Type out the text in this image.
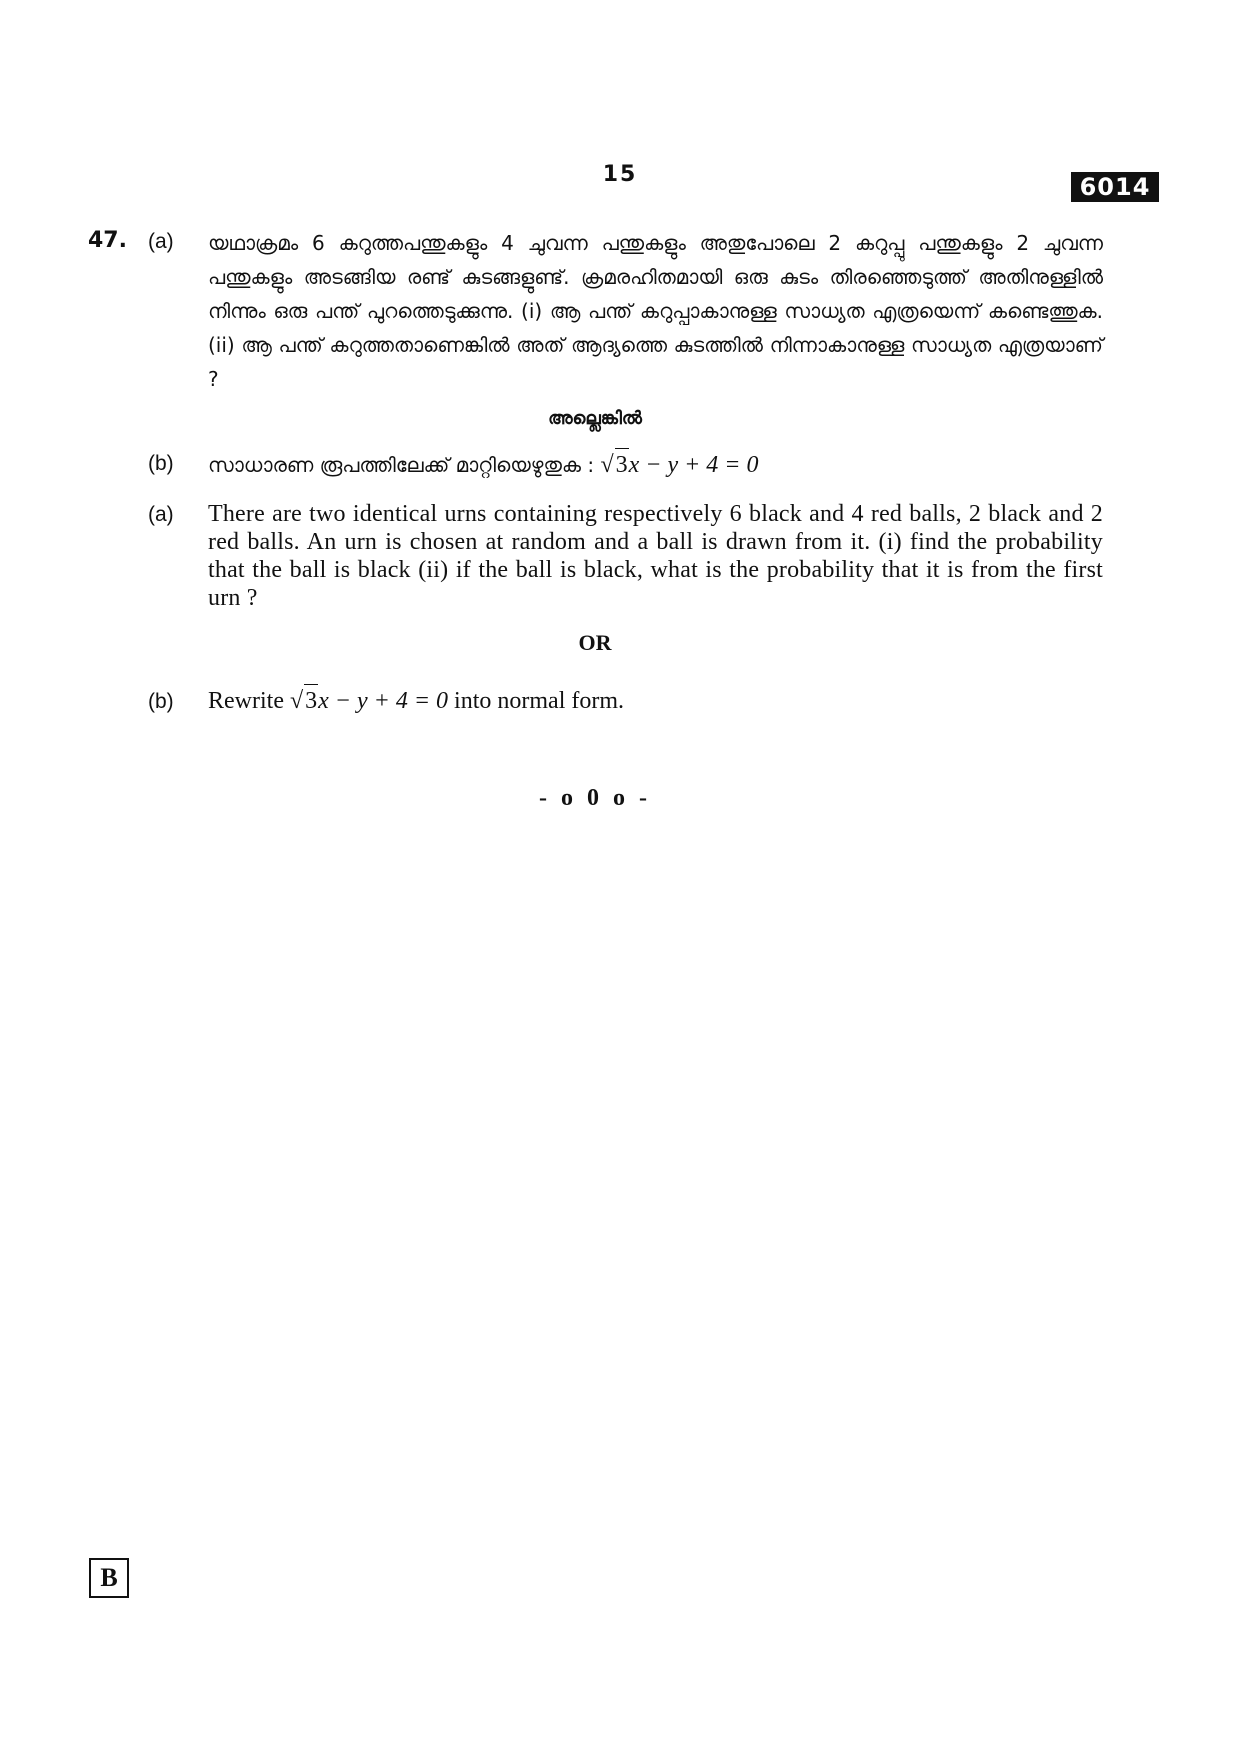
15	6014
47. (a) യഥാക്രമം 6 കറുത്തപന്തുകളും 4 ചുവന്ന പന്തുകളും അതുപോലെ 2 കറുപ്പു പന്തുകളും 2 ചുവന്ന പന്തുകളും അടങ്ങിയ രണ്ട് കുടങ്ങളുണ്ട്. ക്രമരഹിതമായി ഒരു കുടം തിരഞ്ഞെടുത്ത് അതിനുള്ളിൽ നിന്നും ഒരു പന്ത് പുറത്തെടുക്കുന്നു. (i) ആ പന്ത് കറുപ്പാകാനുള്ള സാധ്യത എത്രയെന്ന് കണ്ടെത്തുക. (ii) ആ പന്ത് കറുത്തതാണെങ്കിൽ അത് ആദ്യത്തെ കുടത്തിൽ നിന്നാകാനുള്ള സാധ്യത എത്രയാണ് ?
അല്ലെങ്കിൽ
(b) സാധാരണ രൂപത്തിലേക്ക് മാറ്റിയെഴുതുക : √3x − y + 4 = 0
(a) There are two identical urns containing respectively 6 black and 4 red balls, 2 black and 2 red balls. An urn is chosen at random and a ball is drawn from it. (i) find the probability that the ball is black (ii) if the ball is black, what is the probability that it is from the first urn ?
OR
(b) Rewrite √3x − y + 4 = 0 into normal form.
- o 0 o -
B
